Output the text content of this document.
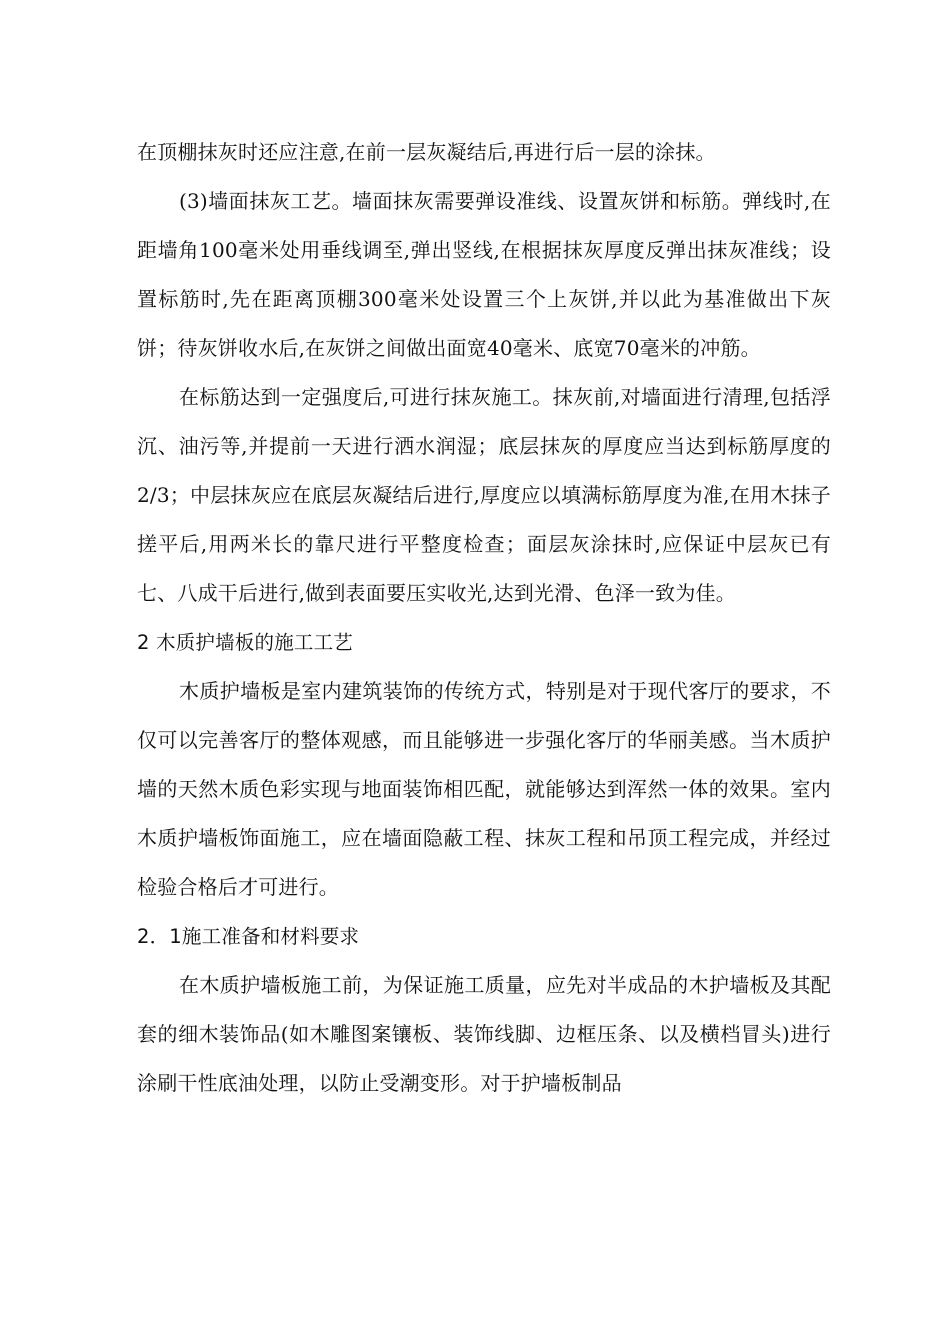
在顶棚抹灰时还应注意,在前一层灰凝结后,再进行后一层的涂抹。

(3)墙面抹灰工艺。墙面抹灰需要弹设准线、设置灰饼和标筋。弹线时,在距墙角100毫米处用垂线调至,弹出竖线,在根据抹灰厚度反弹出抹灰准线；设置标筋时,先在距离顶棚300毫米处设置三个上灰饼,并以此为基准做出下灰饼；待灰饼收水后,在灰饼之间做出面宽40毫米、底宽70毫米的冲筋。

在标筋达到一定强度后,可进行抹灰施工。抹灰前,对墙面进行清理,包括浮沉、油污等,并提前一天进行洒水润湿；底层抹灰的厚度应当达到标筋厚度的2/3；中层抹灰应在底层灰凝结后进行,厚度应以填满标筋厚度为准,在用木抹子搓平后,用两米长的靠尺进行平整度检查；面层灰涂抹时,应保证中层灰已有七、八成干后进行,做到表面要压实收光,达到光滑、色泽一致为佳。

2 木质护墙板的施工工艺

木质护墙板是室内建筑装饰的传统方式，特别是对于现代客厅的要求，不仅可以完善客厅的整体观感，而且能够进一步强化客厅的华丽美感。当木质护墙的天然木质色彩实现与地面装饰相匹配，就能够达到浑然一体的效果。室内木质护墙板饰面施工，应在墙面隐蔽工程、抹灰工程和吊顶工程完成，并经过检验合格后才可进行。

2．1施工准备和材料要求

在木质护墙板施工前，为保证施工质量，应先对半成品的木护墙板及其配套的细木装饰品(如木雕图案镶板、装饰线脚、边框压条、以及横档冒头)进行涂刷干性底油处理，以防止受潮变形。对于护墙板制品
